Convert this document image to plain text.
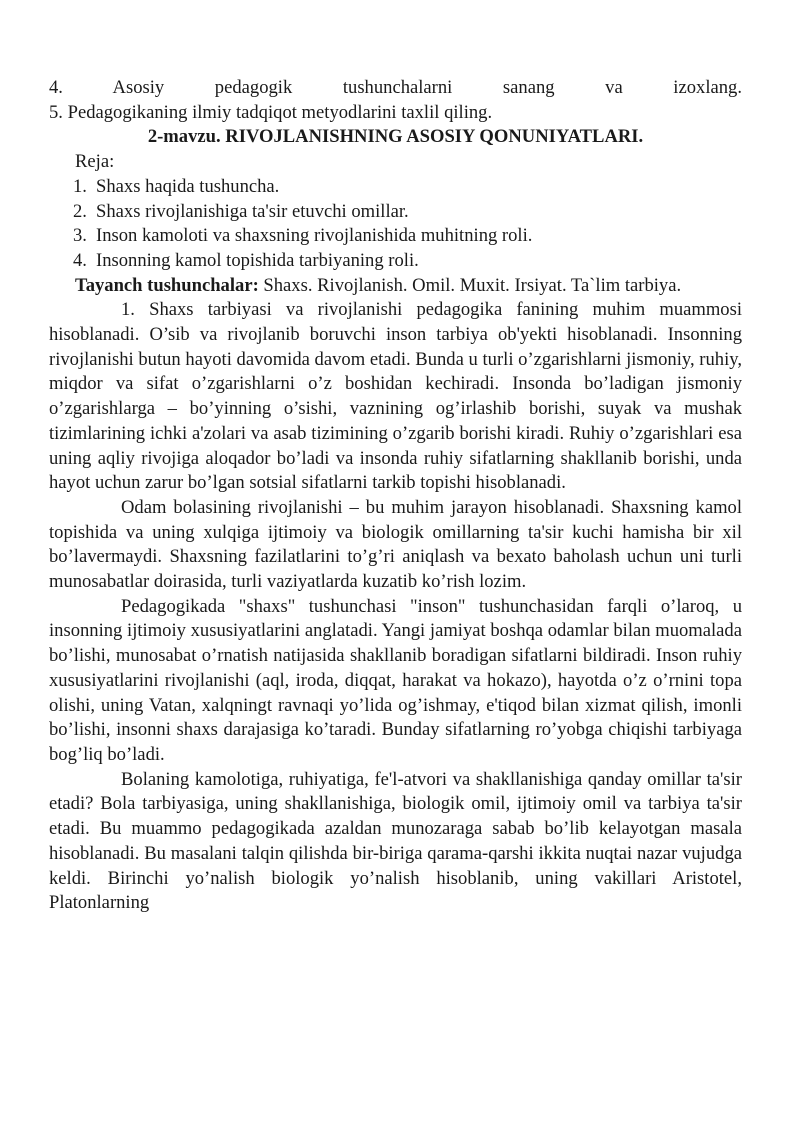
4.	Asosiy pedagogik tushunchalarni sanang va izoxlang.

5. Pedagogikaning ilmiy tadqiqot metyodlarini taxlil qiling.

2-mavzu. RIVOJLANISHNING ASOSIY QONUNIYATLARI.

Reja:

1. Shaxs haqida tushuncha.
2. Shaxs rivojlanishiga ta'sir etuvchi omillar.
3. Inson kamoloti va shaxsning rivojlanishida muhitning roli.
4. Insonning kamol topishida tarbiyaning roli.

Tayanch tushunchalar: Shaxs. Rivojlanish. Omil. Muxit. Irsiyat. Ta`lim tarbiya.

1. Shaxs tarbiyasi va rivojlanishi pedagogika fanining muhim muammosi hisoblanadi. O’sib va rivojlanib boruvchi inson tarbiya ob'yekti hisoblanadi. Insonning rivojlanishi butun hayoti davomida davom etadi. Bunda u turli o’zgarishlarni jismoniy, ruhiy, miqdor va sifat o’zgarishlarni o’z boshidan kechiradi. Insonda bo’ladigan jismoniy o’zgarishlarga – bo’yinning o’sishi, vaznining og’irlashib borishi, suyak va mushak tizimlarining ichki a'zolari va asab tizimining o’zgarib borishi kiradi. Ruhiy o’zgarishlari esa uning aqliy rivojiga aloqador bo’ladi va insonda ruhiy sifatlarning shakllanib borishi, unda hayot uchun zarur bo’lgan sotsial sifatlarni tarkib topishi hisoblanadi.

Odam bolasining rivojlanishi – bu muhim jarayon hisoblanadi. Shaxsning kamol topishida va uning xulqiga ijtimoiy va biologik omillarning ta'sir kuchi hamisha bir xil bo’lavermaydi. Shaxsning fazilatlarini to’g’ri aniqlash va bexato baholash uchun uni turli munosabatlar doirasida, turli vaziyatlarda kuzatib ko’rish lozim.

Pedagogikada "shaxs" tushunchasi "inson" tushunchasidan farqli o’laroq, u insonning ijtimoiy xususiyatlarini anglatadi. Yangi jamiyat boshqa odamlar bilan muomalada bo’lishi, munosabat o’rnatish natijasida shakllanib boradigan sifatlarni bildiradi. Inson ruhiy xususiyatlarini rivojlanishi (aql, iroda, diqqat, harakat va hokazo), hayotda o’z o’rnini topa olishi, uning Vatan, xalqningt ravnaqi yo’lida og’ishmay, e'tiqod bilan xizmat qilish, imonli bo’lishi, insonni shaxs darajasiga ko’taradi. Bunday sifatlarning ro’yobga chiqishi tarbiyaga bog’liq bo’ladi.

Bolaning kamolotiga, ruhiyatiga, fe'l-atvori va shakllanishiga qanday omillar ta'sir etadi? Bola tarbiyasiga, uning shakllanishiga, biologik omil, ijtimoiy omil va tarbiya ta'sir etadi. Bu muammo pedagogikada azaldan munozaraga sabab bo’lib kelayotgan masala hisoblanadi. Bu masalani talqin qilishda bir-biriga qarama-qarshi ikkita nuqtai nazar vujudga keldi. Birinchi yo’nalish biologik yo’nalish hisoblanib, uning vakillari Aristotel, Platonlarning
